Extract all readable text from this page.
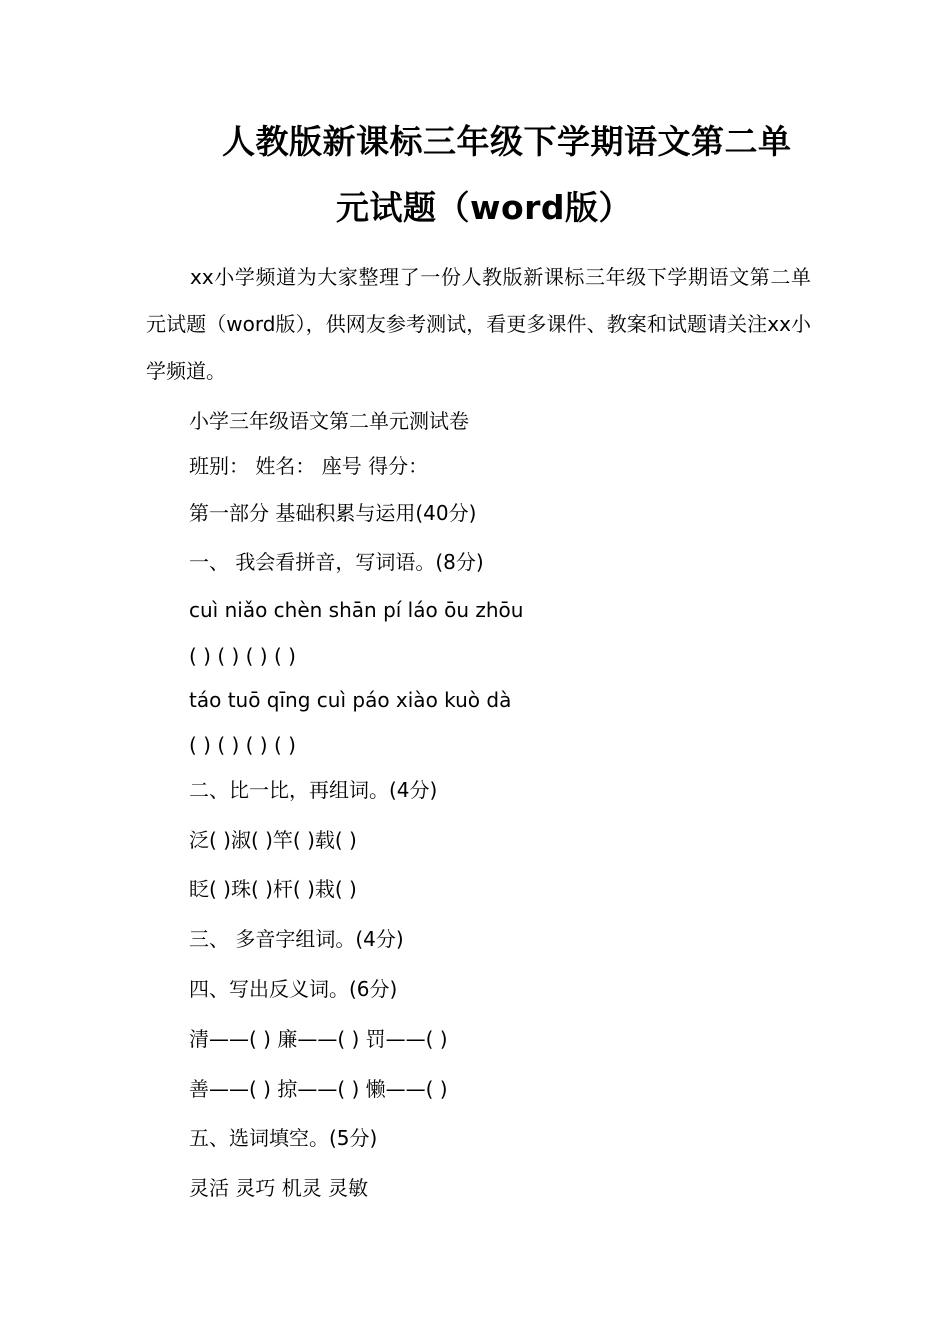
人教版新课标三年级下学期语文第二单
元试题（word版）

xx小学频道为大家整理了一份人教版新课标三年级下学期语文第二单元试题（word版），供网友参考测试，看更多课件、教案和试题请关注xx小学频道。

小学三年级语文第二单元测试卷
班别： 姓名： 座号 得分：
第一部分 基础积累与运用(40分)
一、 我会看拼音，写词语。(8分)
cuì niǎo chèn shān pí láo ōu zhōu
( ) ( ) ( ) ( )
táo tuō qīng cuì páo xiào kuò dà
( ) ( ) ( ) ( )
二、比一比，再组词。(4分)
泛( )淑( )竿( )载( )
眨( )珠( )杆( )栽( )
三、 多音字组词。(4分)
四、写出反义词。(6分)
清——( ) 廉——( ) 罚——( )
善——( ) 掠——( ) 懒——( )
五、选词填空。(5分)
灵活 灵巧 机灵 灵敏
